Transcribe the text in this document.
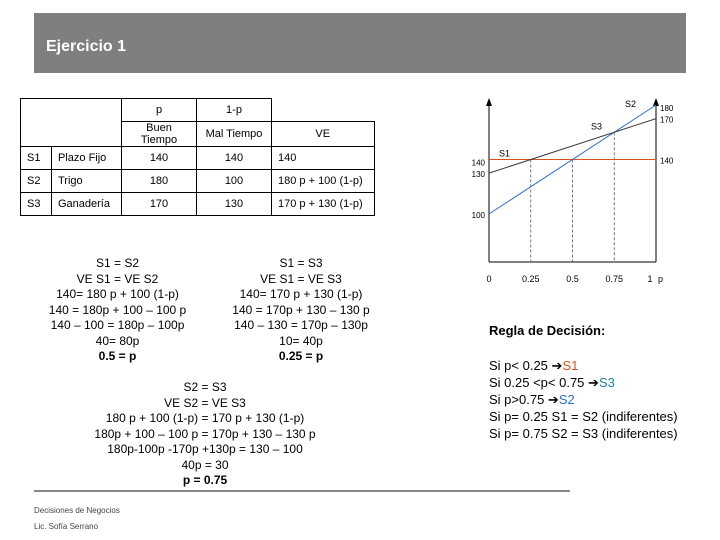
Ejercicio 1
		p	1-p	
		Buen Tiempo	Mal Tiempo	VE
S1	Plazo Fijo	140	140	140
S2	Trigo	180	100	180 p + 100 (1-p)
S3	Ganadería	170	130	170 p + 130 (1-p)
S1 = S2
VE S1 = VE S2
140= 180 p + 100 (1-p)
140 = 180p + 100 – 100 p
140 – 100 = 180p – 100p
40= 80p
0.5 = p
S1 = S3
VE S1 = VE S3
140= 170 p + 130 (1-p)
140 = 170p + 130 – 130 p
140 – 130 = 170p – 130p
10= 40p
0.25 = p
S2 = S3
VE S2 = VE S3
180 p + 100 (1-p) = 170 p + 130 (1-p)
180p + 100 – 100 p = 170p + 130 – 130 p
180p-100p -170p +130p = 130 – 100
40p = 30
p = 0.75
S1
S2
S3
140
130
100
180
170
140
0	0.25	0.5	0.75	1 p
Regla de Decisión:
Si p< 0.25 ➔S1
Si 0.25 <p< 0.75 ➔S3
Si p>0.75 ➔S2
Si p= 0.25 S1 = S2 (indiferentes)
Si p= 0.75 S2 = S3 (indiferentes)
Decisiones de Negocios
Lic. Sofía Serrano
